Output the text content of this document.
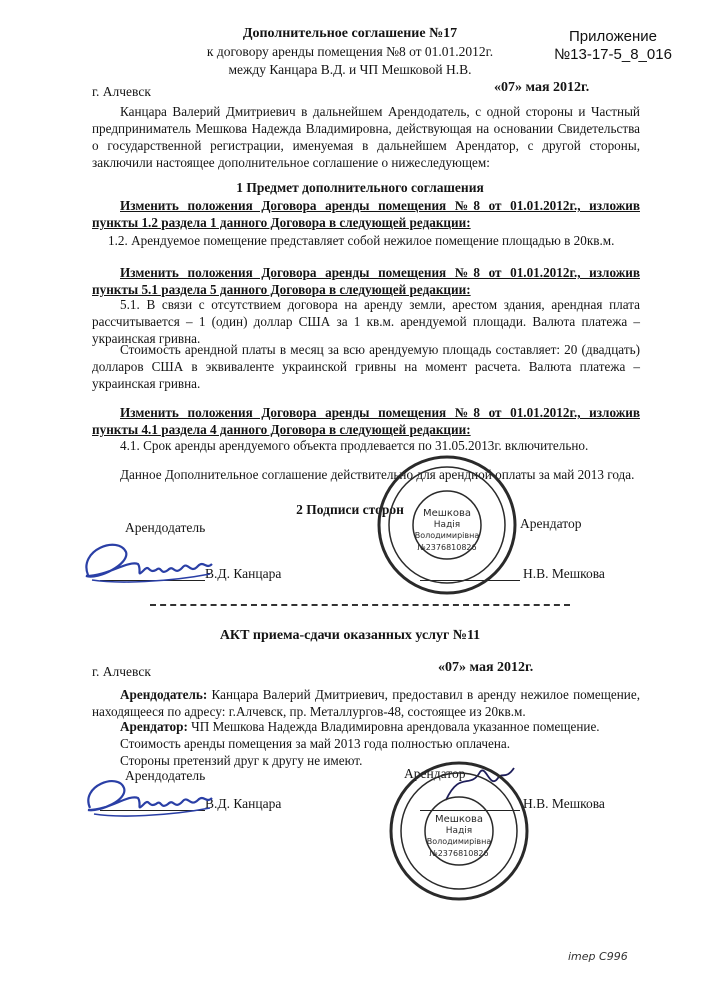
Приложение
№13-17-5_8_016
Дополнительное соглашение №17
к договору аренды помещения №8 от 01.01.2012г.
между Канцара В.Д. и ЧП Мешковой Н.В.
г. Алчевск	«07» мая 2012г.
Канцара Валерий Дмитриевич в дальнейшем Арендодатель, с одной стороны и Частный предприниматель Мешкова Надежда Владимировна, действующая на основании Свидетельства о государственной регистрации, именуемая в дальнейшем Арендатор, с другой стороны, заключили настоящее дополнительное соглашение о нижеследующем:
1 Предмет дополнительного соглашения
Изменить положения Договора аренды помещения №8 от 01.01.2012г., изложив пункты 1.2 раздела 1 данного Договора в следующей редакции:
1.2. Арендуемое помещение представляет собой нежилое помещение площадью в 20кв.м.
Изменить положения Договора аренды помещения №8 от 01.01.2012г., изложив пункты 5.1 раздела 5 данного Договора в следующей редакции:
5.1. В связи с отсутствием договора на аренду земли, арестом здания, арендная плата рассчитывается – 1 (один) доллар США за 1 кв.м. арендуемой площади. Валюта платежа – украинская гривна.
Стоимость арендной платы в месяц за всю арендуемую площадь составляет: 20 (двадцать) долларов США в эквиваленте украинской гривны на момент расчета. Валюта платежа – украинская гривна.
Изменить положения Договора аренды помещения №8 от 01.01.2012г., изложив пункты 4.1 раздела 4 данного Договора в следующей редакции:
4.1. Срок аренды арендуемого объекта продлевается по 31.05.2013г. включительно.
Данное Дополнительное соглашение действительно для арендной оплаты за май 2013 года.
2 Подписи сторон
Арендодатель	Арендатор
В.Д. Канцара	Н.В. Мешкова
Мешкова
Надія
Володимирівна
№2376810826
АКТ приема-сдачи оказанных услуг №11
г. Алчевск	«07» мая 2012г.
Арендодатель: Канцара Валерий Дмитриевич, предоставил в аренду нежилое помещение, находящееся по адресу: г.Алчевск, пр. Металлургов-48, состоящее из 20кв.м.
Арендатор: ЧП Мешкова Надежда Владимировна арендовала указанное помещение.
Стоимость аренды помещения за май 2013 года полностью оплачена.
Стороны претензий друг к другу не имеют.
Арендодатель	Арендатор
В.Д. Канцара	Н.В. Мешкова
Мешкова
Надія
Володимирівна
№2376810826
imep C996
